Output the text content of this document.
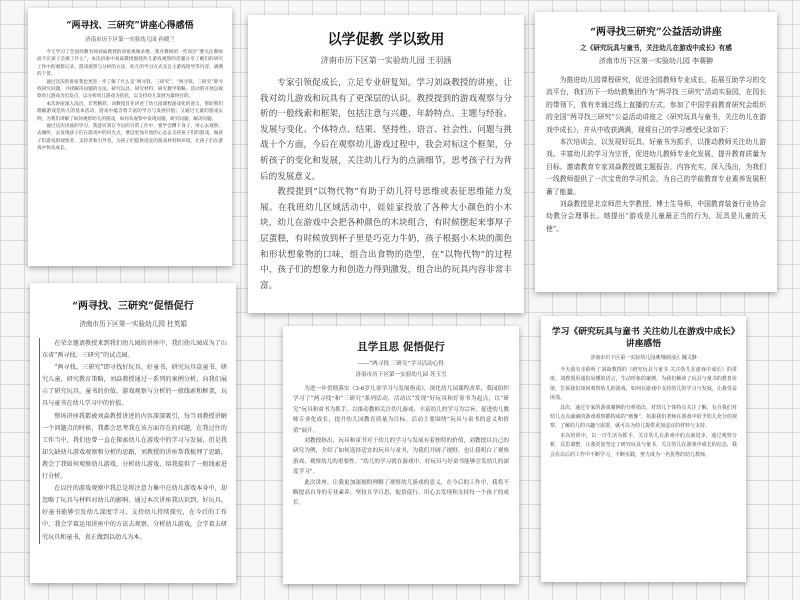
“两寻找、三研究”讲座心得感悟
济南市历下区第一实验幼儿园 孙晓兰

今天学习了全国幼教名师刘焱教授的讲座视频录像，我对教研的一些误区“要关注教师而不应孩子会做了什么”，本次讲座中刘焱教授围绕幼儿游戏观察的话题分享了她们的研究工作中的观察记录，游戏观察与分析的方法，幼儿的学习方式及自主游戏指导等内容，满满的干货。

通过这次的讲座我也更进一步了解了什么是“两寻找、三研究”，“两寻找、三研究”即寻找研究问题，寻找解决问题的方法，研究玩具、研究材料、研究教学策略。活动的开展以观察幼儿游戏为出发点，以分析幼儿游戏为依托，以支持幼儿发展为最终目的。

本次讲座深入浅出，非常精彩。刘教授首先讲述了幼儿园课程游戏化的意义，帮助我们理解游戏是幼儿的基本活动，游戏中蕴含着丰富的学习与发展价值；又通过大量的游戏实例，为我们讲解了如何观察幼儿的游戏，如何从观察中发现问题，研究问题，解决问题。

通过这次讲座的学习，我意识到在今后的日常工作中，要学会蹲下身子，用心去观察，去倾听，去发现孩子们在游戏中的闪光点，要以更加开放的心态去支持孩子们的游戏，做孩子们游戏的观察者、支持者和引导者，为孩子们提供适宜的游戏材料和环境，让孩子们在游戏中快乐成长。

以学促教 学以致用
济南市历下区第一实验幼儿园 王羽涵

专家引领促成长，立足专业研复知。学习刘焱教授的讲座，让我对幼儿游戏和玩具有了更深层的认识。教授提到的游戏观察与分析的一般线索和框架，包括注意与兴趣、年龄特点、主题与经验、发展与变化、个体特点、结果、坚持性、语言、社会性、问题与挑战十个方面，今后在观察幼儿游戏过程中，我会对标这个框架，分析孩子的变化和发展，关注幼儿行为的点滴细节，思考孩子行为背后的发展意义。

教授提到“以物代物”有助于幼儿符号思维或表征思维能力发展。在我班幼儿区域活动中，娃娃家投放了各种大小颜色的小木块，幼儿在游戏中会把各种颜色的木块组合，有时候摆起来事厚子层蛋糕，有时候放到杯子里是巧克力牛奶，孩子根据小木块的颜色和形状想象物的口味，组合出食物的造型，在“以物代物”的过程中，孩子们的想象力和创造力得到激发，组合出的玩具内容非常丰富。

“两寻找三研究”公益活动讲座
之《研究玩具与童书，关注幼儿在游戏中成长》有感
济南市历下区第一实验幼儿园 李赛翀

为推进幼儿园课程研究，促进全园教师专业成长，拓展互助学习的交流平台，我们历下一幼幼教集团作为“两寻找 三研究”活动实验园，在园长的带领下，我有幸通过线上直播的方式，参加了中国学前教育研究会组织的全国“两寻找三研究”公益活动讲座之《研究玩具与童书，关注幼儿在游戏中成长》，并从中收获满满，现将自己的学习感受记录如下：

本次培训会，以发现好玩具、好童书为抓手，以推动教师关注幼儿游戏、丰富幼儿的学习为宗旨，促进幼儿教师专业化发展，提升教育质量为目标。邀请教育专家刘焱教授做主题报告，内容充实，深入浅出，为我们一线教师提供了一次宝贵的学习机会，为自己的学前教育专业素养发展积蓄了能量。

刘焱教授是北京师范大学教授、博士生导师，中国教育装备行业协会幼教分会理事长。她提出“游戏是儿童最正当的行为，玩具是儿童的天使”。

“两寻找、三研究”促悟促行
济南市历下区第一实验幼儿园 杜英娟

在荣幸邀请教授来到我们幼儿园的讲座中，我们幼儿园成为了山东省“两寻找、三研究”的试点园。

“两寻找、三研究”即寻找好玩具、好童书，研究玩具盒童书、研究儿童、研究教育策略，刘焱教授通过一系列的案例分析，向我们展示了研究玩具、童书的价值，游戏观察与分析的一般线索和框架，玩具与童书在幼儿学习中的价值。

整场讲座我都被刘焱教授讲述的内容深深吸引，每当刘教授讲解一个问题点的时候，我都会思考我在该方面存在的问题，在我过往的工作当中，我们也曾一直在探索幼儿在游戏中的学习与发展，但是我却欠缺幼儿游戏观察和分析的思路，刘教授的讲座帮我梳理了思路，教会了我如何观察幼儿游戏、分析幼儿游戏，给我提供了一般线索进行分析。

在以往的游戏观察中我总是将注意力集中在幼儿游戏本身中，却忽略了玩具与材料对幼儿的影响。通过本次讲座我认识到，好玩具、好童书能够引发幼儿深度学习，支持幼儿持续探究，在今后的工作中，我会学着运用讲座中的方法去观察、分析幼儿游戏，会学着去研究玩具和童书，真正做到以幼儿为本。

且学且思 促悟促行
——“两寻找 三研究”学习活动心得
济南市历下区第一实验幼儿园 苏玉雪

为进一步贯彻落实《3-6岁儿童学习与发展指南》，深化幼儿园课程改革，我园组织学习了“两寻找”和“三研究”系列活动，活动以“发现”好玩具和好童书为起点，以“研究”玩具和童书为抓手，以推动教师关注幼儿游戏、丰富幼儿的学习为宗旨，促进幼儿教师专业化成长，提升幼儿园教育质量为目标。活动主要围绕“玩具与童书的意义和价值”展开。

刘教授指出，玩具和童书对于幼儿的学习与发展有着独特的价值，刘教授以自己的研究为例，介绍了如何选择适宜的玩具与童书，为我们开阔了视野，也让我明白了观察游戏、观察幼儿的重要性。“幼儿的学习就在游戏中，好玩具与好童书能够引发幼儿的深度学习”。

此次讲座，让我更加深刻的理解了观察幼儿游戏的意义，在今后的工作中，我将不断提高自身的专业素养，坚持且学且思，促悟促行，用心去发现和支持每一个孩子的成长。

学习《研究玩具与童书 关注幼儿在游戏中成长》讲座感悟
济南市历下区第一实验幼儿园燕翔路园区 魏文静

今天我有幸聆听了刘焱教授的《研究玩具与童书 关注幼儿在游戏中成长》的讲座，刘教授用通俗易懂的语言，生动形象的案例，为我们解读了玩具与童书的教育价值，告诉我们如何观察幼儿的游戏，如何在游戏中支持幼儿的学习与发展，让我受益匪浅。

其次，通过专家的游戏案例的分析指出，对幼儿个体特点关注了解，有自我们对幼儿点点滴滴的游戏观察都构成的“画像”，如果我们老师在游戏中给予幼儿充分的观察，了解幼儿的兴趣与需要，就可以为幼儿提供更加适宜的材料与支持。

本次培训中，以一日生活为抓手，关注幼儿在游戏中的点滴进步，通过观察分析，反思调整，让我更加坚定了研究玩具与童书，关注幼儿在游戏中成长的信念，我会在以后的工作中不断学习，不断实践，努力成为一名优秀的幼儿教师。
